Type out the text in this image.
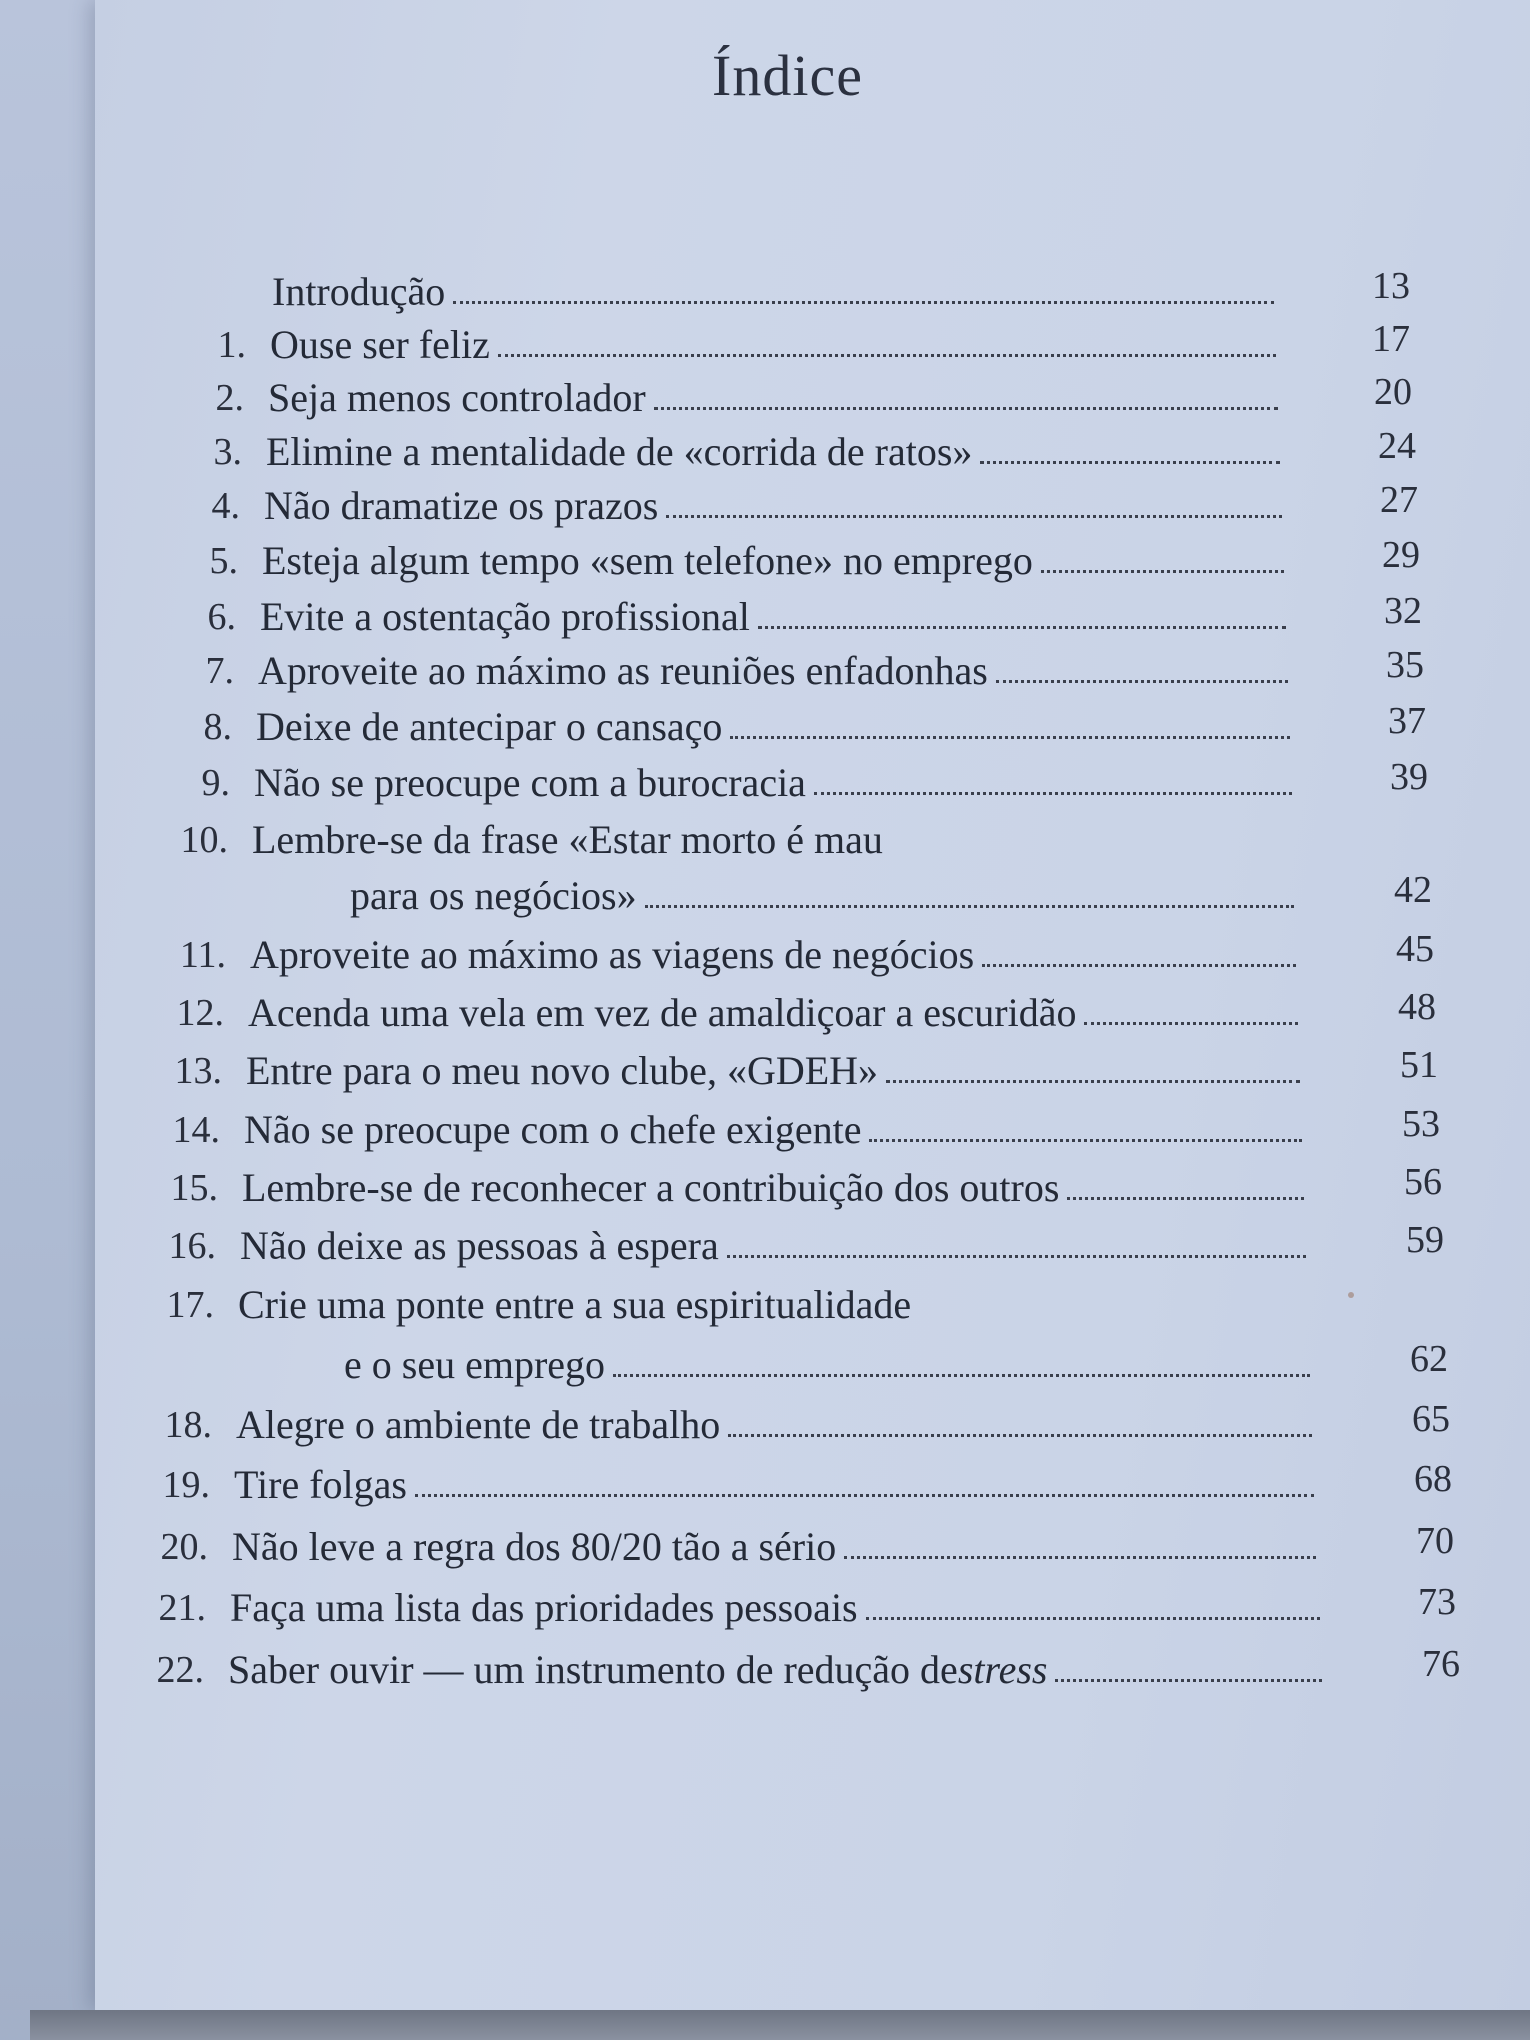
Índice
Introdução	13
1. Ouse ser feliz	17
2. Seja menos controlador	20
3. Elimine a mentalidade de «corrida de ratos»	24
4. Não dramatize os prazos	27
5. Esteja algum tempo «sem telefone» no emprego	29
6. Evite a ostentação profissional	32
7. Aproveite ao máximo as reuniões enfadonhas	35
8. Deixe de antecipar o cansaço	37
9. Não se preocupe com a burocracia	39
10. Lembre-se da frase «Estar morto é mau
para os negócios»	42
11. Aproveite ao máximo as viagens de negócios	45
12. Acenda uma vela em vez de amaldiçoar a escuridão	48
13. Entre para o meu novo clube, «GDEH»	51
14. Não se preocupe com o chefe exigente	53
15. Lembre-se de reconhecer a contribuição dos outros	56
16. Não deixe as pessoas à espera	59
17. Crie uma ponte entre a sua espiritualidade
e o seu emprego	62
18. Alegre o ambiente de trabalho	65
19. Tire folgas	68
20. Não leve a regra dos 80/20 tão a sério	70
21. Faça uma lista das prioridades pessoais	73
22. Saber ouvir — um instrumento de redução de stress	76
